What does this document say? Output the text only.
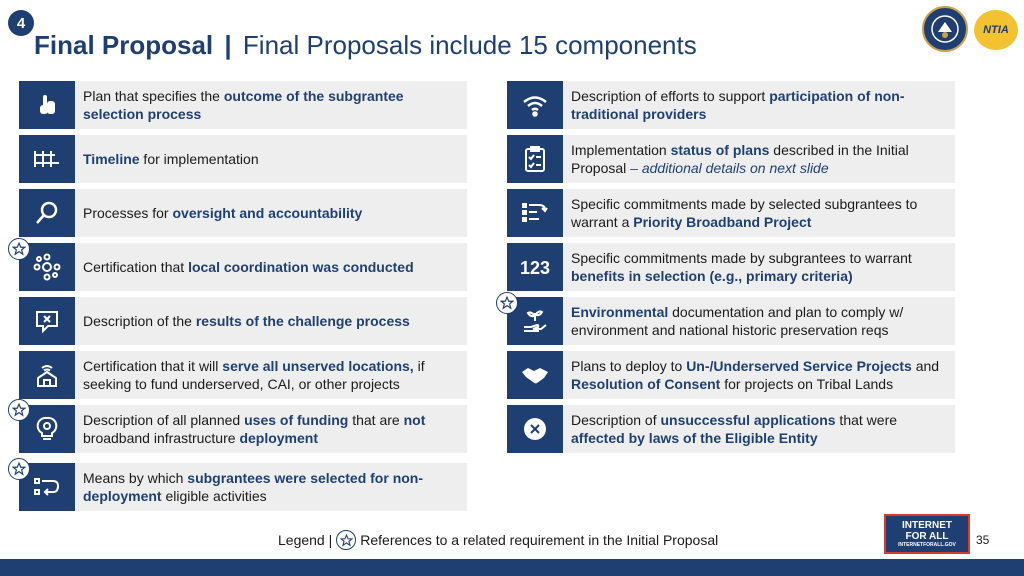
4
Final Proposal | Final Proposals include 15 components	NTIA
Plan that specifies the outcome of the subgrantee selection process
Timeline for implementation
Processes for oversight and accountability
Certification that local coordination was conducted
Description of the results of the challenge process
Certification that it will serve all unserved locations, if seeking to fund underserved, CAI, or other projects
Description of all planned uses of funding that are not broadband infrastructure deployment
Means by which subgrantees were selected for non-deployment eligible activities
Description of efforts to support participation of non-traditional providers
Implementation status of plans described in the Initial Proposal – additional details on next slide
Specific commitments made by selected subgrantees to warrant a Priority Broadband Project
123 Specific commitments made by subgrantees to warrant benefits in selection (e.g., primary criteria)
Environmental documentation and plan to comply w/ environment and national historic preservation reqs
Plans to deploy to Un-/Underserved Service Projects and Resolution of Consent for projects on Tribal Lands
Description of unsuccessful applications that were affected by laws of the Eligible Entity
Legend | References to a related requirement in the Initial Proposal
INTERNET
FOR ALL
INTERNETFORALL.GOV 35
